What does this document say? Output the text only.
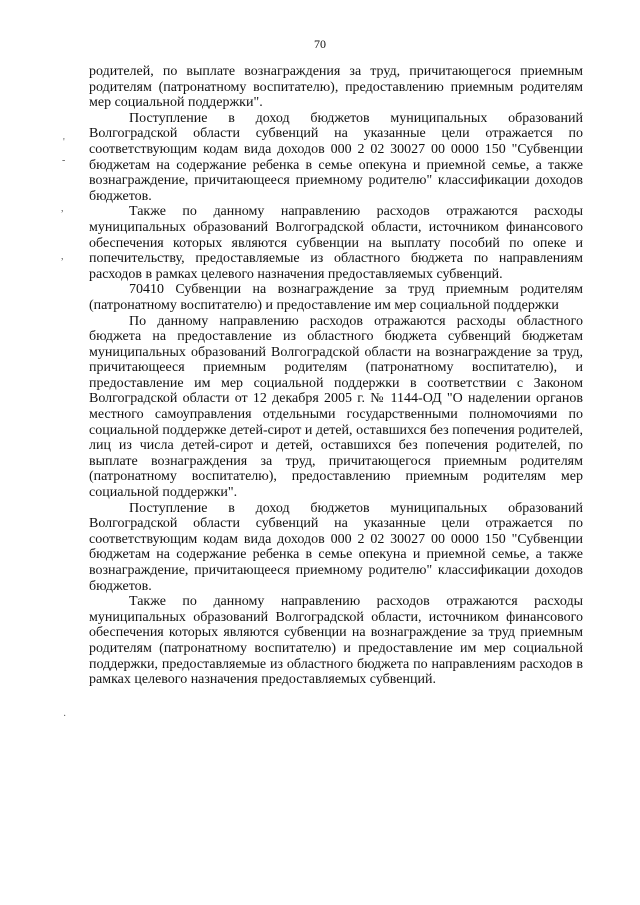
70
'
-
,
,
·

родителей, по выплате вознаграждения за труд, причитающегося приемным родителям (патронатному воспитателю), предоставлению приемным родителям мер социальной поддержки".

Поступление в доход бюджетов муниципальных образований Волгоградской области субвенций на указанные цели отражается по соответствующим кодам вида доходов 000 2 02 30027 00 0000 150 "Субвенции бюджетам на содержание ребенка в семье опекуна и приемной семье, а также вознаграждение, причитающееся приемному родителю" классификации доходов бюджетов.

Также по данному направлению расходов отражаются расходы муниципальных образований Волгоградской области, источником финансового обеспечения которых являются субвенции на выплату пособий по опеке и попечительству, предоставляемые из областного бюджета по направлениям расходов в рамках целевого назначения предоставляемых субвенций.

70410 Субвенции на вознаграждение за труд приемным родителям (патронатному воспитателю) и предоставление им мер социальной поддержки

По данному направлению расходов отражаются расходы областного бюджета на предоставление из областного бюджета субвенций бюджетам муниципальных образований Волгоградской области на вознаграждение за труд, причитающееся приемным родителям (патронатному воспитателю), и предоставление им мер социальной поддержки в соответствии с Законом Волгоградской области от 12 декабря 2005 г. № 1144-ОД "О наделении органов местного самоуправления отдельными государственными полномочиями по социальной поддержке детей-сирот и детей, оставшихся без попечения родителей, лиц из числа детей-сирот и детей, оставшихся без попечения родителей, по выплате вознаграждения за труд, причитающегося приемным родителям (патронатному воспитателю), предоставлению приемным родителям мер социальной поддержки".

Поступление в доход бюджетов муниципальных образований Волгоградской области субвенций на указанные цели отражается по соответствующим кодам вида доходов 000 2 02 30027 00 0000 150 "Субвенции бюджетам на содержание ребенка в семье опекуна и приемной семье, а также вознаграждение, причитающееся приемному родителю" классификации доходов бюджетов.

Также по данному направлению расходов отражаются расходы муниципальных образований Волгоградской области, источником финансового обеспечения которых являются субвенции на вознаграждение за труд приемным родителям (патронатному воспитателю) и предоставление им мер социальной поддержки, предоставляемые из областного бюджета по направлениям расходов в рамках целевого назначения предоставляемых субвенций.
